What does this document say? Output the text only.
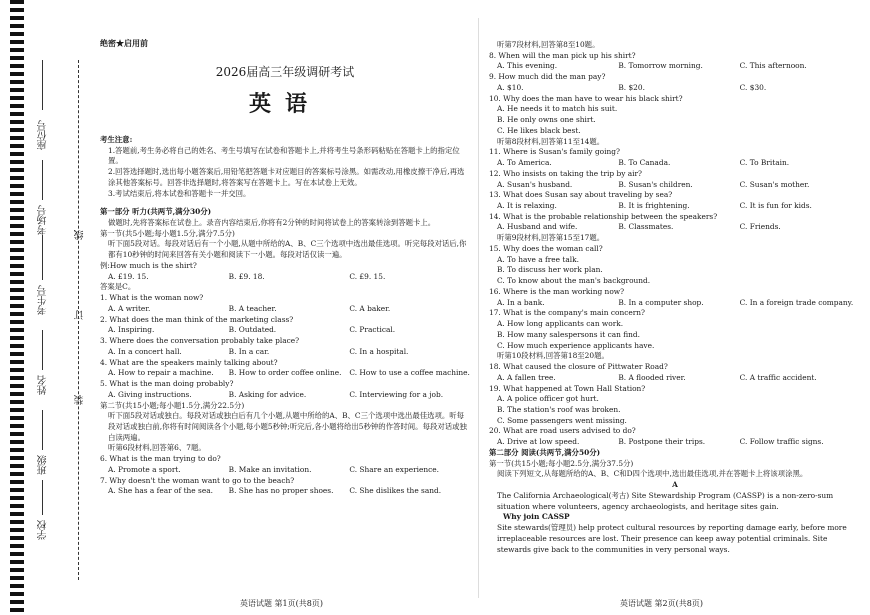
座位号
考场号
考生号
姓名
班级
学校
线
订
装
绝密★启用前
2026届高三年级调研考试
英语
考生注意:
1.答题前,考生务必将自己的姓名、考生号填写在试卷和答题卡上,并将考生号条形码粘贴在答题卡上的指定位置。
2.回答选择题时,选出每小题答案后,用铅笔把答题卡对应题目的答案标号涂黑。如需改动,用橡皮擦干净后,再选涂其他答案标号。回答非选择题时,将答案写在答题卡上。写在本试卷上无效。
3.考试结束后,将本试卷和答题卡一并交回。
第一部分 听力(共两节,满分30分)
做题时,先将答案标在试卷上。录音内容结束后,你将有2分钟的时间将试卷上的答案转涂到答题卡上。
第一节(共5小题;每小题1.5分,满分7.5分)
听下面5段对话。每段对话后有一个小题,从题中所给的A、B、C三个选项中选出最佳选项。听完每段对话后,你都有10秒钟的时间来回答有关小题和阅读下一小题。每段对话仅读一遍。
例:How much is the shirt?
A. £19. 15.	B. £9. 18.	C. £9. 15.
答案是C。
1. What is the woman now?
A. A writer.	B. A teacher.	C. A baker.
2. What does the man think of the marketing class?
A. Inspiring.	B. Outdated.	C. Practical.
3. Where does the conversation probably take place?
A. In a concert hall.	B. In a car.	C. In a hospital.
4. What are the speakers mainly talking about?
A. How to repair a machine.	B. How to order coffee online.	C. How to use a coffee machine.
5. What is the man doing probably?
A. Giving instructions.	B. Asking for advice.	C. Interviewing for a job.
第二节(共15小题;每小题1.5分,满分22.5分)
听下面5段对话或独白。每段对话或独白后有几个小题,从题中所给的A、B、C三个选项中选出最佳选项。听每段对话或独白前,你将有时间阅读各个小题,每小题5秒钟;听完后,各小题将给出5秒钟的作答时间。每段对话或独白读两遍。
听第6段材料,回答第6、7题。
6. What is the man trying to do?
A. Promote a sport.	B. Make an invitation.	C. Share an experience.
7. Why doesn't the woman want to go to the beach?
A. She has a fear of the sea.	B. She has no proper shoes.	C. She dislikes the sand.
英语试题 第1页(共8页)
听第7段材料,回答第8至10题。
8. When will the man pick up his shirt?
A. This evening.	B. Tomorrow morning.	C. This afternoon.
9. How much did the man pay?
A. $10.	B. $20.	C. $30.
10. Why does the man have to wear his black shirt?
A. He needs it to match his suit.
B. He only owns one shirt.
C. He likes black best.
听第8段材料,回答第11至14题。
11. Where is Susan's family going?
A. To America.	B. To Canada.	C. To Britain.
12. Who insists on taking the trip by air?
A. Susan's husband.	B. Susan's children.	C. Susan's mother.
13. What does Susan say about traveling by sea?
A. It is relaxing.	B. It is frightening.	C. It is fun for kids.
14. What is the probable relationship between the speakers?
A. Husband and wife.	B. Classmates.	C. Friends.
听第9段材料,回答第15至17题。
15. Why does the woman call?
A. To have a free talk.
B. To discuss her work plan.
C. To know about the man's background.
16. Where is the man working now?
A. In a bank.	B. In a computer shop.	C. In a foreign trade company.
17. What is the company's main concern?
A. How long applicants can work.
B. How many salespersons it can find.
C. How much experience applicants have.
听第10段材料,回答第18至20题。
18. What caused the closure of Pittwater Road?
A. A fallen tree.	B. A flooded river.	C. A traffic accident.
19. What happened at Town Hall Station?
A. A police officer got hurt.
B. The station's roof was broken.
C. Some passengers went missing.
20. What are road users advised to do?
A. Drive at low speed.	B. Postpone their trips.	C. Follow traffic signs.
第二部分 阅读(共两节,满分50分)
第一节(共15小题;每小题2.5分,满分37.5分)
阅读下列短文,从每题所给的A、B、C和D四个选项中,选出最佳选项,并在答题卡上将该项涂黑。
A
The California Archaeological(考古) Site Stewardship Program (CASSP) is a non-zero-sum situation where volunteers, agency archaeologists, and heritage sites gain.
Why join CASSP
Site stewards(管理员) help protect cultural resources by reporting damage early, before more irreplaceable resources are lost. Their presence can keep away potential criminals. Site stewards give back to the communities in very personal ways.
英语试题 第2页(共8页)
